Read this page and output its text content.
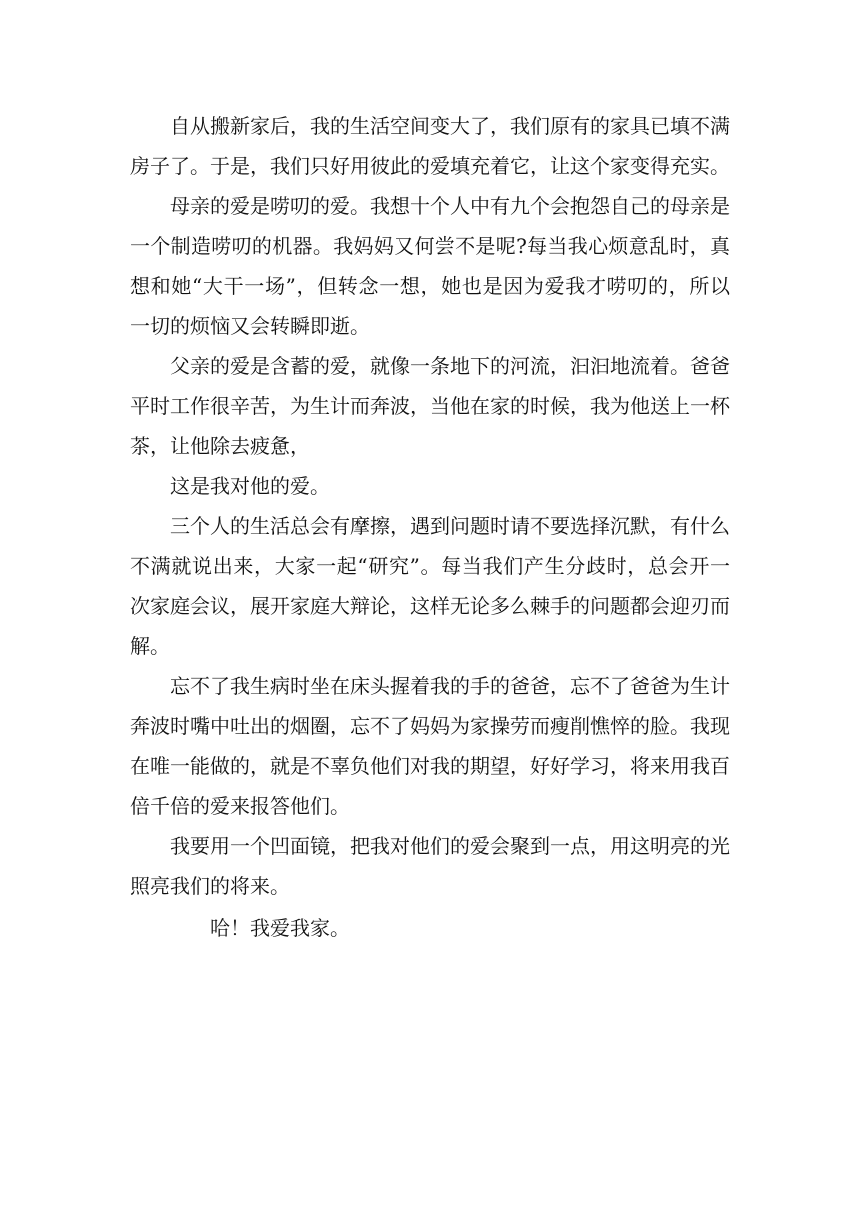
自从搬新家后，我的生活空间变大了，我们原有的家具已填不满房子了。于是，我们只好用彼此的爱填充着它，让这个家变得充实。

母亲的爱是唠叨的爱。我想十个人中有九个会抱怨自己的母亲是一个制造唠叨的机器。我妈妈又何尝不是呢?每当我心烦意乱时，真想和她“大干一场”，但转念一想，她也是因为爱我才唠叨的，所以一切的烦恼又会转瞬即逝。

父亲的爱是含蓄的爱，就像一条地下的河流，汩汩地流着。爸爸平时工作很辛苦，为生计而奔波，当他在家的时候，我为他送上一杯茶，让他除去疲惫，

这是我对他的爱。

三个人的生活总会有摩擦，遇到问题时请不要选择沉默，有什么不满就说出来，大家一起“研究”。每当我们产生分歧时，总会开一次家庭会议，展开家庭大辩论，这样无论多么棘手的问题都会迎刃而解。

忘不了我生病时坐在床头握着我的手的爸爸，忘不了爸爸为生计奔波时嘴中吐出的烟圈，忘不了妈妈为家操劳而瘦削憔悴的脸。我现在唯一能做的，就是不辜负他们对我的期望，好好学习，将来用我百倍千倍的爱来报答他们。

我要用一个凹面镜，把我对他们的爱会聚到一点，用这明亮的光照亮我们的将来。

哈！我爱我家。
